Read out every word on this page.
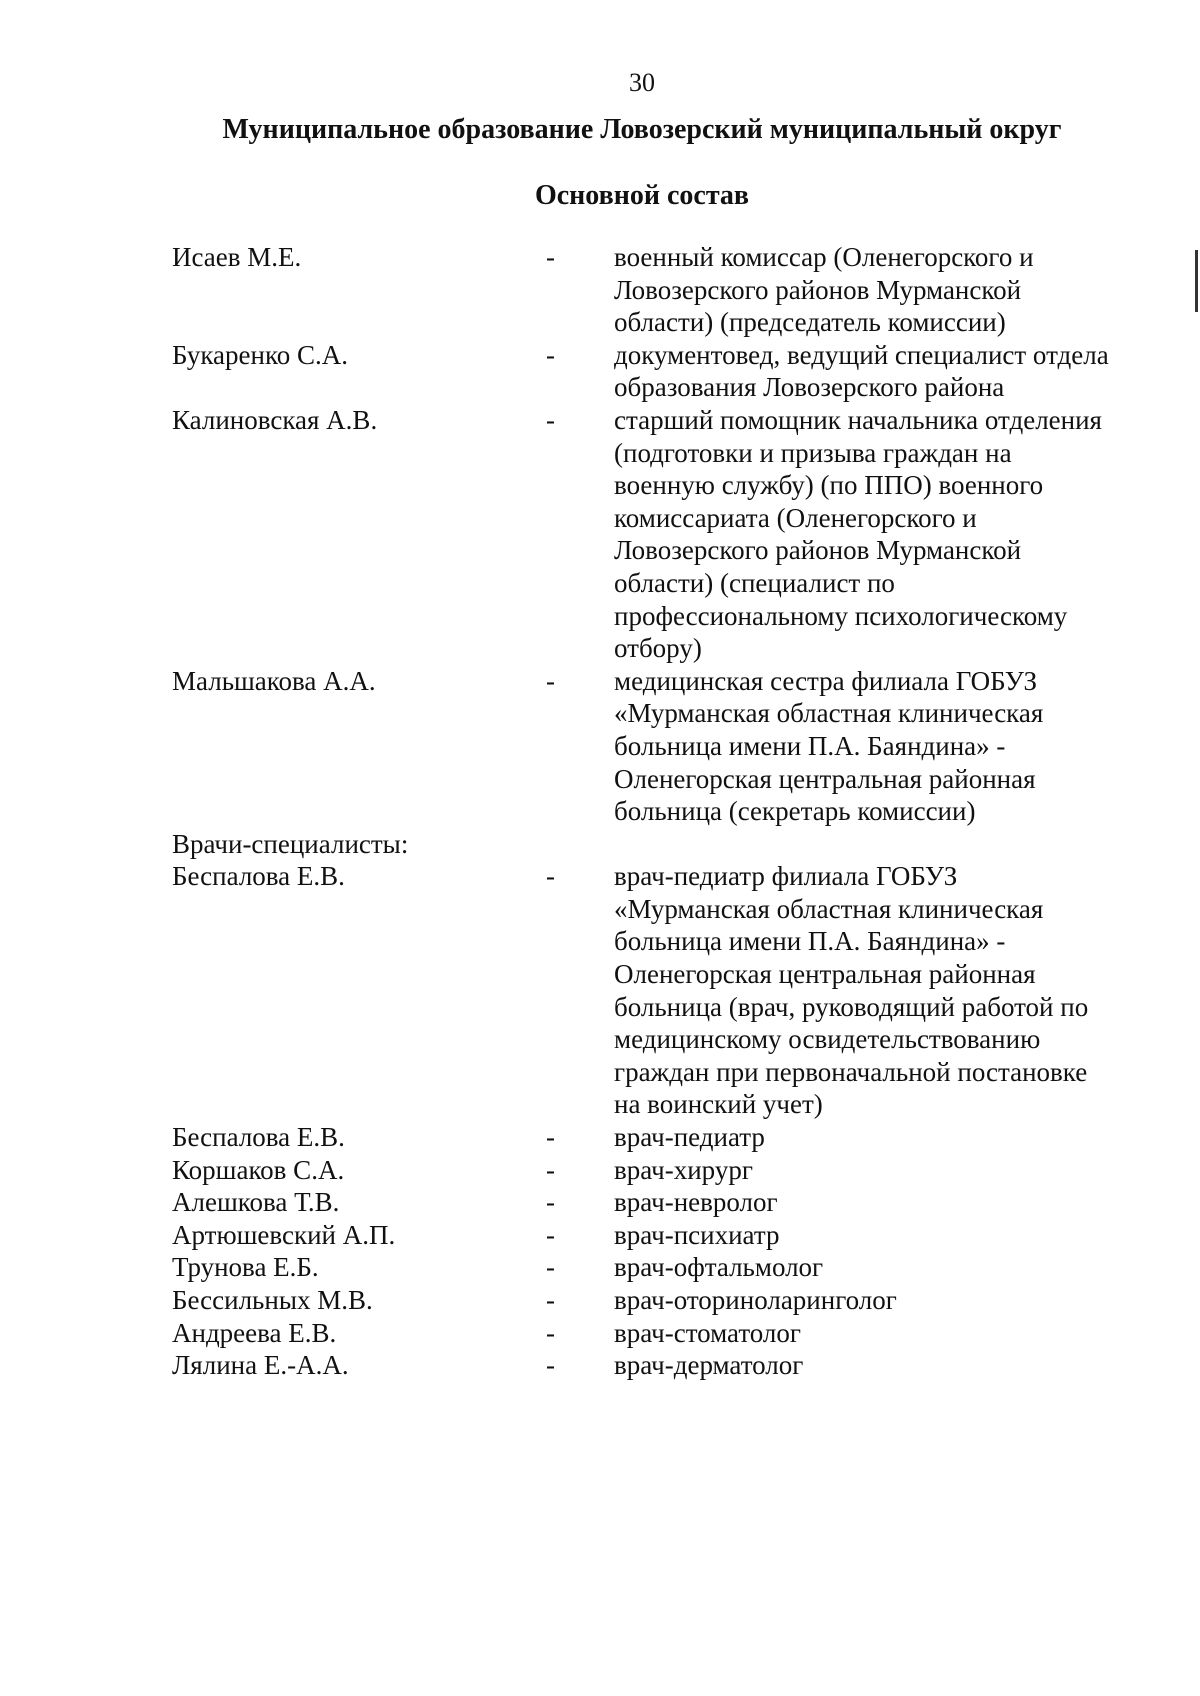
30
Муниципальное образование Ловозерский муниципальный округ
Основной состав
Исаев М.Е.	-	военный комиссар (Оленегорского и
Ловозерского районов Мурманской
области) (председатель комиссии)
Букаренко С.А.	-	документовед, ведущий специалист отдела
образования Ловозерского района
Калиновская А.В.	-	старший помощник начальника отделения
(подготовки и призыва граждан на
военную службу) (по ППО) военного
комиссариата (Оленегорского и
Ловозерского районов Мурманской
области) (специалист по
профессиональному психологическому
отбору)
Мальшакова А.А.	-	медицинская сестра филиала ГОБУЗ
«Мурманская областная клиническая
больница имени П.А. Баяндина» -
Оленегорская центральная районная
больница (секретарь комиссии)
Врачи-специалисты:
Беспалова Е.В.	-	врач-педиатр филиала ГОБУЗ
«Мурманская областная клиническая
больница имени П.А. Баяндина» -
Оленегорская центральная районная
больница (врач, руководящий работой по
медицинскому освидетельствованию
граждан при первоначальной постановке
на воинский учет)
Беспалова Е.В.	-	врач-педиатр
Коршаков С.А.	-	врач-хирург
Алешкова Т.В.	-	врач-невролог
Артюшевский А.П.	-	врач-психиатр
Трунова Е.Б.	-	врач-офтальмолог
Бессильных М.В.	-	врач-оториноларинголог
Андреева Е.В.	-	врач-стоматолог
Лялина Е.-А.А.	-	врач-дерматолог
